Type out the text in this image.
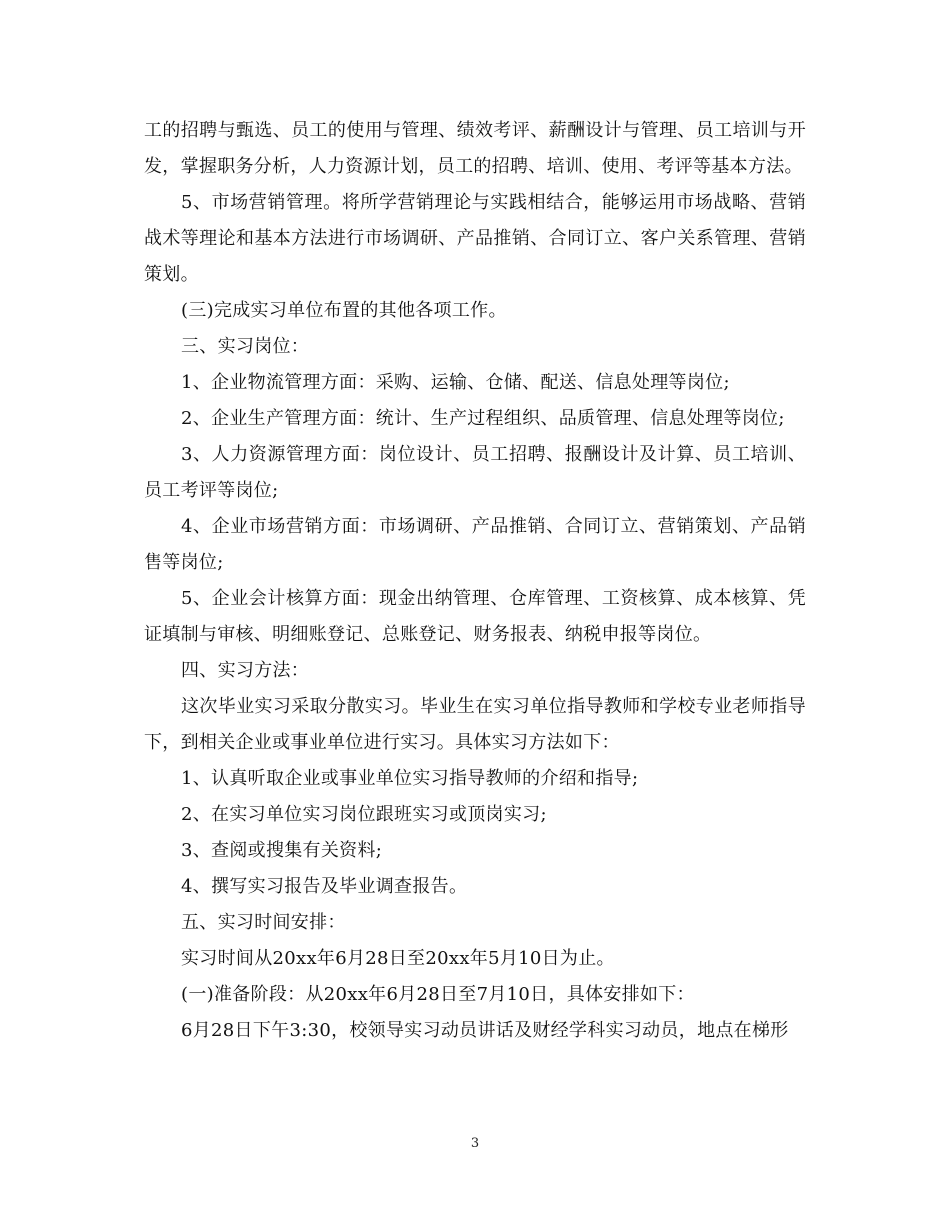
工的招聘与甄选、员工的使用与管理、绩效考评、薪酬设计与管理、员工培训与开发，掌握职务分析，人力资源计划，员工的招聘、培训、使用、考评等基本方法。

5、市场营销管理。将所学营销理论与实践相结合，能够运用市场战略、营销战术等理论和基本方法进行市场调研、产品推销、合同订立、客户关系管理、营销策划。

(三)完成实习单位布置的其他各项工作。

三、实习岗位：

1、企业物流管理方面：采购、运输、仓储、配送、信息处理等岗位;

2、企业生产管理方面：统计、生产过程组织、品质管理、信息处理等岗位;

3、人力资源管理方面：岗位设计、员工招聘、报酬设计及计算、员工培训、员工考评等岗位;

4、企业市场营销方面：市场调研、产品推销、合同订立、营销策划、产品销售等岗位;

5、企业会计核算方面：现金出纳管理、仓库管理、工资核算、成本核算、凭证填制与审核、明细账登记、总账登记、财务报表、纳税申报等岗位。

四、实习方法：

这次毕业实习采取分散实习。毕业生在实习单位指导教师和学校专业老师指导下，到相关企业或事业单位进行实习。具体实习方法如下：

1、认真听取企业或事业单位实习指导教师的介绍和指导;

2、在实习单位实习岗位跟班实习或顶岗实习;

3、查阅或搜集有关资料;

4、撰写实习报告及毕业调查报告。

五、实习时间安排：

实习时间从20xx年6月28日至20xx年5月10日为止。

(一)准备阶段：从20xx年6月28日至7月10日，具体安排如下：

6月28日下午3:30，校领导实习动员讲话及财经学科实习动员，地点在梯形

3
